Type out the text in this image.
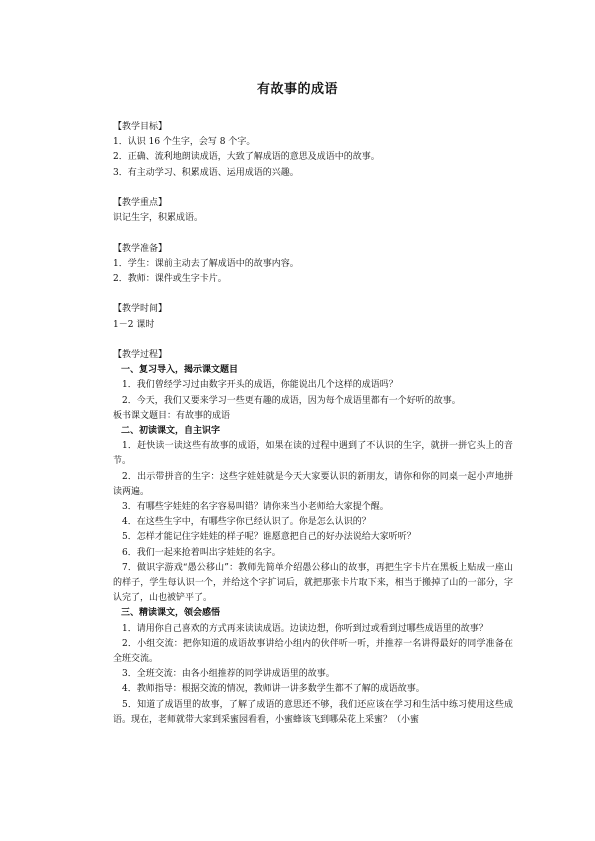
有故事的成语
【教学目标】
1．认识 16 个生字，会写 8 个字。
2．正确、流利地朗读成语，大致了解成语的意思及成语中的故事。
3．有主动学习、积累成语、运用成语的兴趣。
【教学重点】
识记生字，积累成语。
【教学准备】
1．学生：课前主动去了解成语中的故事内容。
2．教师：课件或生字卡片。
【教学时间】
1－2 课时
【教学过程】
一、复习导入，揭示课文题目
1．我们曾经学习过由数字开头的成语，你能说出几个这样的成语吗？
2．今天，我们又要来学习一些更有趣的成语，因为每个成语里都有一个好听的故事。
板书课文题目：有故事的成语
二、初读课文，自主识字
1．赶快读一读这些有故事的成语，如果在读的过程中遇到了不认识的生字，就拼一拼它头上的音节。
2．出示带拼音的生字：这些字娃娃就是今天大家要认识的新朋友，请你和你的同桌一起小声地拼读两遍。
3．有哪些字娃娃的名字容易叫错？请你来当小老师给大家提个醒。
4．在这些生字中，有哪些字你已经认识了。你是怎么认识的？
5．怎样才能记住字娃娃的样子呢？谁愿意把自己的好办法说给大家听听？
6．我们一起来抢着叫出字娃娃的名字。
7．做识字游戏“愚公移山”：教师先简单介绍愚公移山的故事，再把生字卡片在黑板上贴成一座山的样子，学生每认识一个，并给这个字扩词后，就把那张卡片取下来，相当于搬掉了山的一部分，字认完了，山也被铲平了。
三、精读课文，领会感悟
1．请用你自己喜欢的方式再来读读成语。边读边想，你听到过或看到过哪些成语里的故事？
2．小组交流：把你知道的成语故事讲给小组内的伙伴听一听，并推荐一名讲得最好的同学准备在全班交流。
3．全班交流：由各小组推荐的同学讲成语里的故事。
4．教师指导：根据交流的情况，教师讲一讲多数学生都不了解的成语故事。
5．知道了成语里的故事，了解了成语的意思还不够，我们还应该在学习和生活中练习使用这些成语。现在，老师就带大家到采蜜园看看，小蜜蜂该飞到哪朵花上采蜜？（小蜜
